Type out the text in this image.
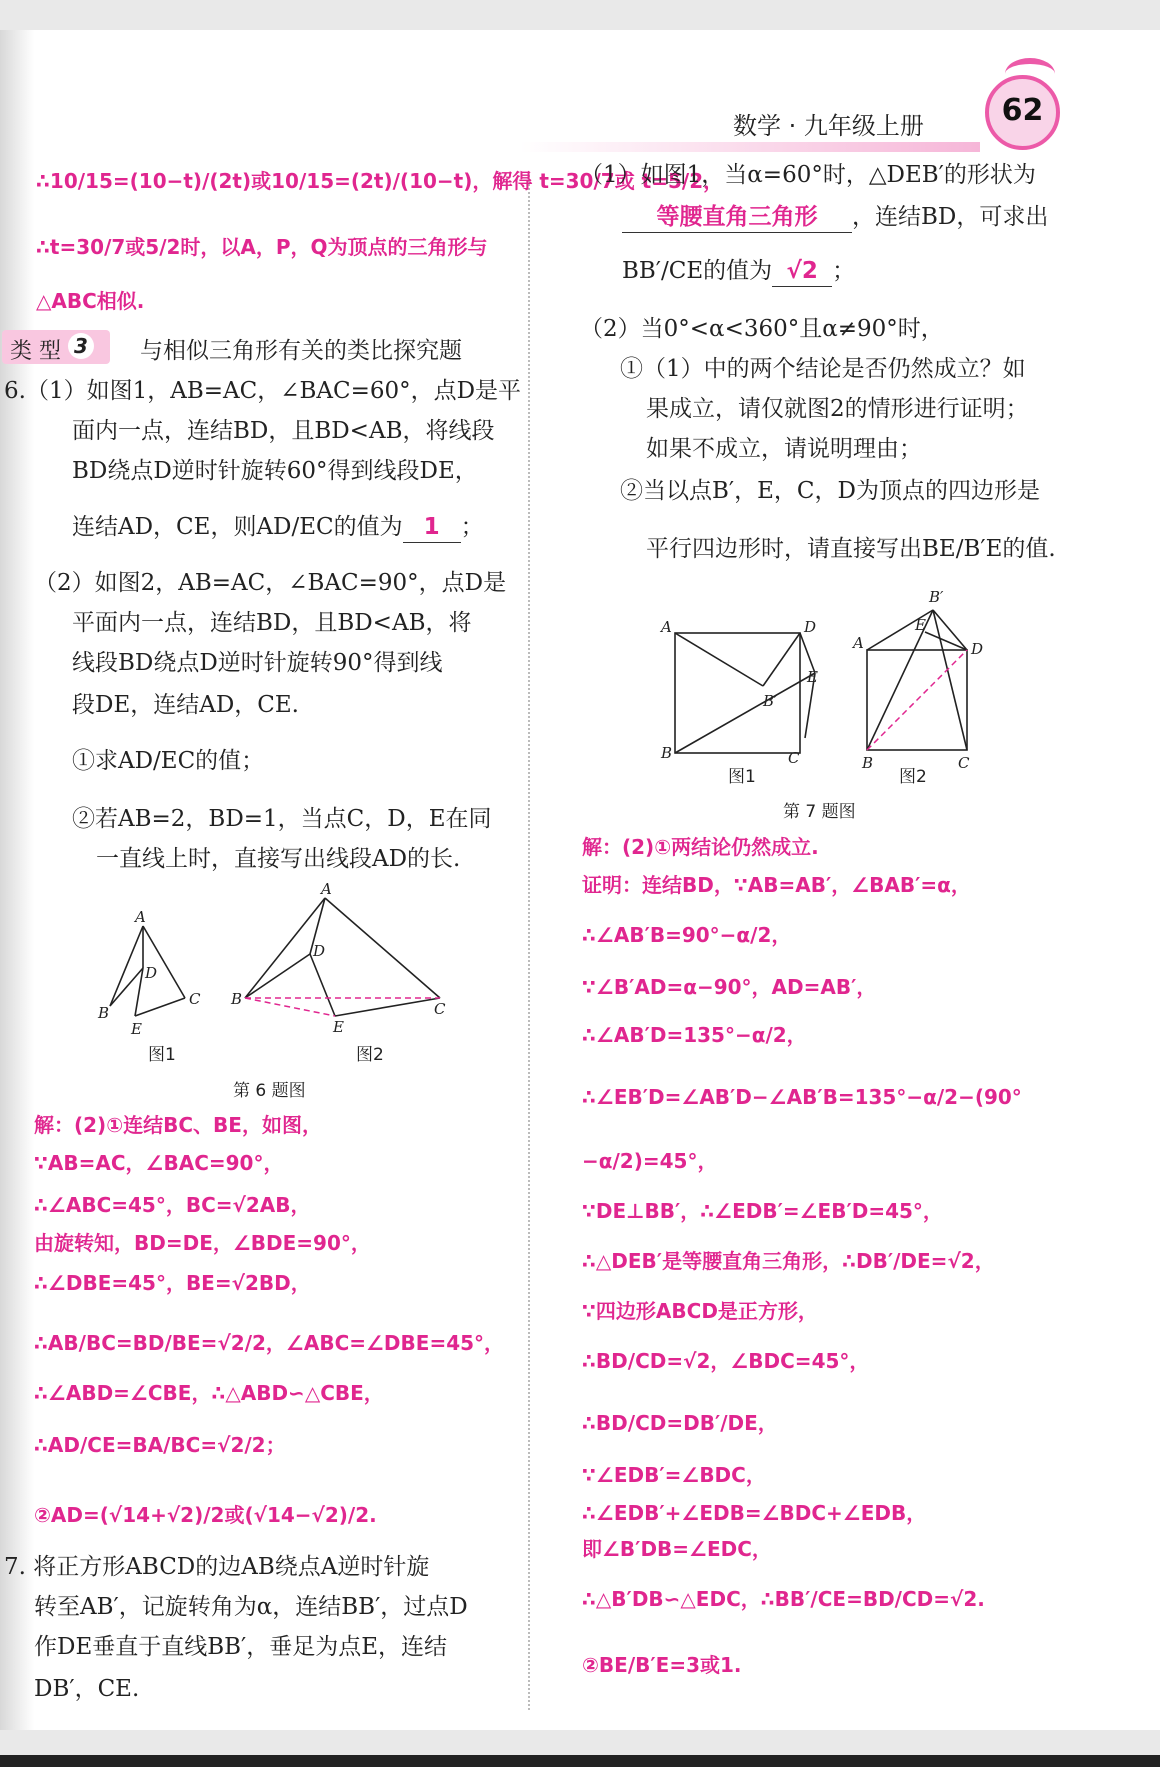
数学 · 九年级上册	62
∴10/15=(10−t)/(2t)或10/15=(2t)/(10−t)，解得 t=30/7或 t=5/2，
∴t=30/7或5/2时，以A，P，Q为顶点的三角形与
△ABC相似.
类 型 3 与相似三角形有关的类比探究题
6.（1）如图1，AB=AC，∠BAC=60°，点D是平
面内一点，连结BD，且BD<AB，将线段
BD绕点D逆时针旋转60°得到线段DE，
连结AD，CE，则AD/EC的值为 1 ；
（2）如图2，AB=AC，∠BAC=90°，点D是
平面内一点，连结BD，且BD<AB，将
线段BD绕点D逆时针旋转90°得到线
段DE，连结AD，CE.
①求AD/EC的值；
②若AB=2，BD=1，当点C，D，E在同
一直线上时，直接写出线段AD的长.
A
D
B
E
C
A
D
B
E
C
图1	图2
第 6 题图
解：(2)①连结BC、BE，如图，
∵AB=AC，∠BAC=90°，
∴∠ABC=45°，BC=√2AB，
由旋转知，BD=DE，∠BDE=90°，
∴∠DBE=45°，BE=√2BD，
∴AB/BC=BD/BE=√2/2，∠ABC=∠DBE=45°，
∴∠ABD=∠CBE，∴△ABD∽△CBE，
∴AD/CE=BA/BC=√2/2；
②AD=(√14+√2)/2或(√14−√2)/2.
7. 将正方形ABCD的边AB绕点A逆时针旋
转至AB′，记旋转角为α，连结BB′，过点D
作DE垂直于直线BB′，垂足为点E，连结
DB′，CE.
（1）如图1，当α=60°时，△DEB′的形状为
等腰直角三角形 ，连结BD，可求出
BB′/CE的值为 √2 ；
（2）当0°<α<360°且α≠90°时，
①（1）中的两个结论是否仍然成立？如
果成立，请仅就图2的情形进行证明；
如果不成立，请说明理由；
②当以点B′，E，C，D为顶点的四边形是
平行四边形时，请直接写出BE/B′E的值.
A	D
B	C
E
B′
A
B′
E
D
B	C
图1	图2
第 7 题图
解：(2)①两结论仍然成立.
证明：连结BD，∵AB=AB′，∠BAB′=α，
∴∠AB′B=90°−α/2，
∵∠B′AD=α−90°，AD=AB′，
∴∠AB′D=135°−α/2，
∴∠EB′D=∠AB′D−∠AB′B=135°−α/2−(90°
−α/2)=45°，
∵DE⊥BB′，∴∠EDB′=∠EB′D=45°，
∴△DEB′是等腰直角三角形，∴DB′/DE=√2，
∵四边形ABCD是正方形，
∴BD/CD=√2，∠BDC=45°，
∴BD/CD=DB′/DE，
∵∠EDB′=∠BDC，
∴∠EDB′+∠EDB=∠BDC+∠EDB，
即∠B′DB=∠EDC，
∴△B′DB∽△EDC，∴BB′/CE=BD/CD=√2.
②BE/B′E=3或1.
